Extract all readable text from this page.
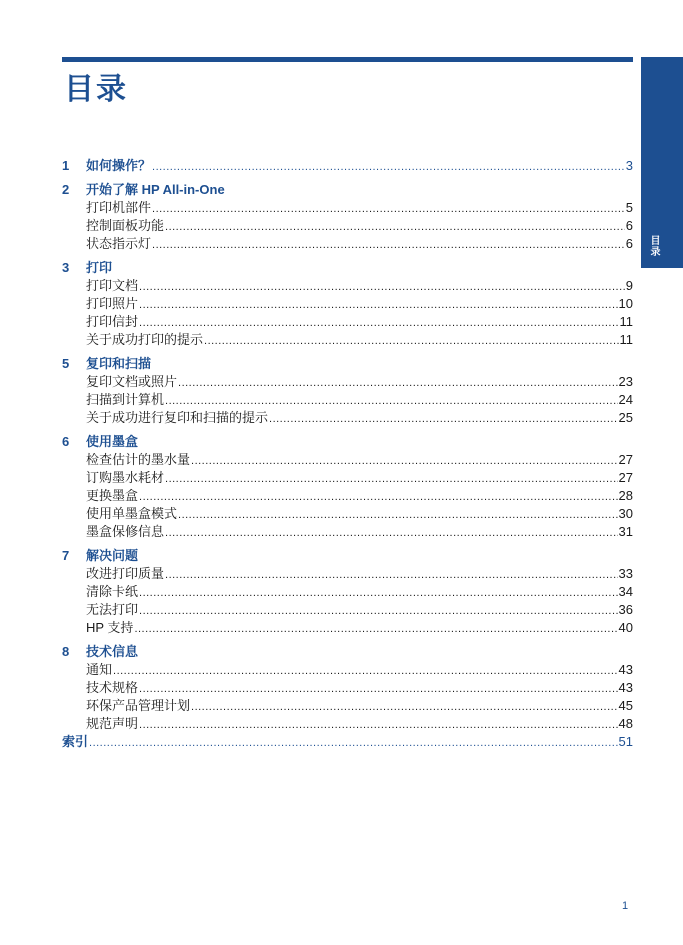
目录
目录
1	如何操作？ .....	3
2	开始了解 HP All-in-One
打印机部件 .....	5
控制面板功能 .....	6
状态指示灯 .....	6
3	打印
打印文档 .....	9
打印照片 .....	10
打印信封 .....	11
关于成功打印的提示 .....	11
5	复印和扫描
复印文档或照片 .....	23
扫描到计算机 .....	24
关于成功进行复印和扫描的提示 .....	25
6	使用墨盒
检查估计的墨水量 .....	27
订购墨水耗材 .....	27
更换墨盒 .....	28
使用单墨盒模式 .....	30
墨盒保修信息 .....	31
7	解决问题
改进打印质量 .....	33
清除卡纸 .....	34
无法打印 .....	36
HP 支持 .....	40
8	技术信息
通知 .....	43
技术规格 .....	43
环保产品管理计划 .....	45
规范声明 .....	48
索引 .....	51
1
